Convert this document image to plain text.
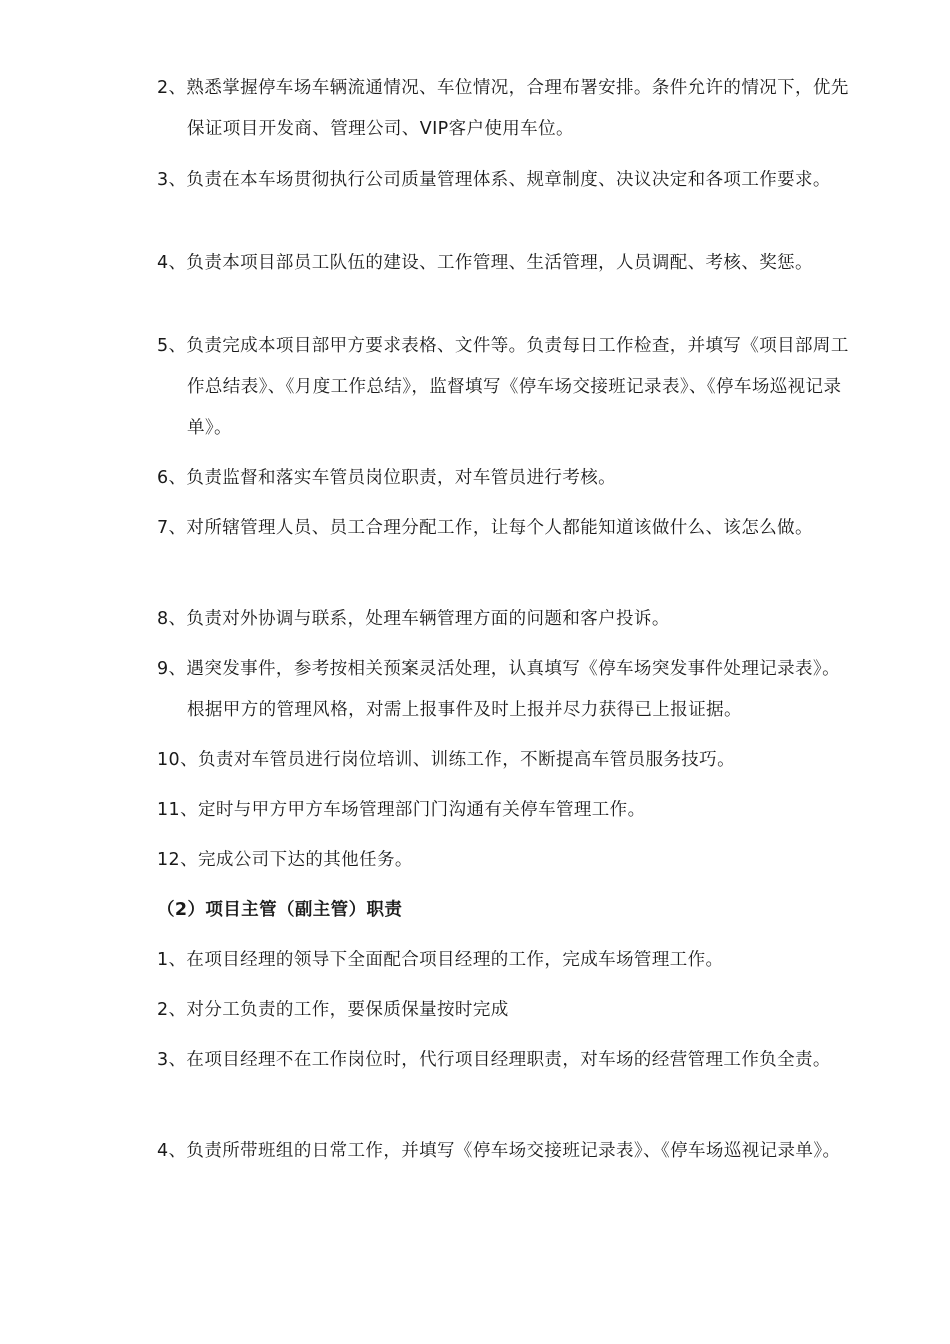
2、熟悉掌握停车场车辆流通情况、车位情况，合理布署安排。条件允许的情况下，优先保证项目开发商、管理公司、VIP客户使用车位。
3、负责在本车场贯彻执行公司质量管理体系、规章制度、决议决定和各项工作要求。
4、负责本项目部员工队伍的建设、工作管理、生活管理，人员调配、考核、奖惩。
5、负责完成本项目部甲方要求表格、文件等。负责每日工作检查，并填写《项目部周工作总结表》、《月度工作总结》，监督填写《停车场交接班记录表》、《停车场巡视记录单》。
6、负责监督和落实车管员岗位职责，对车管员进行考核。
7、对所辖管理人员、员工合理分配工作，让每个人都能知道该做什么、该怎么做。
8、负责对外协调与联系，处理车辆管理方面的问题和客户投诉。
9、遇突发事件，参考按相关预案灵活处理，认真填写《停车场突发事件处理记录表》。根据甲方的管理风格，对需上报事件及时上报并尽力获得已上报证据。
10、负责对车管员进行岗位培训、训练工作，不断提高车管员服务技巧。
11、定时与甲方甲方车场管理部门门沟通有关停车管理工作。
12、完成公司下达的其他任务。
（2）项目主管（副主管）职责
1、在项目经理的领导下全面配合项目经理的工作，完成车场管理工作。
2、对分工负责的工作，要保质保量按时完成
3、在项目经理不在工作岗位时，代行项目经理职责，对车场的经营管理工作负全责。
4、负责所带班组的日常工作，并填写《停车场交接班记录表》、《停车场巡视记录单》。
